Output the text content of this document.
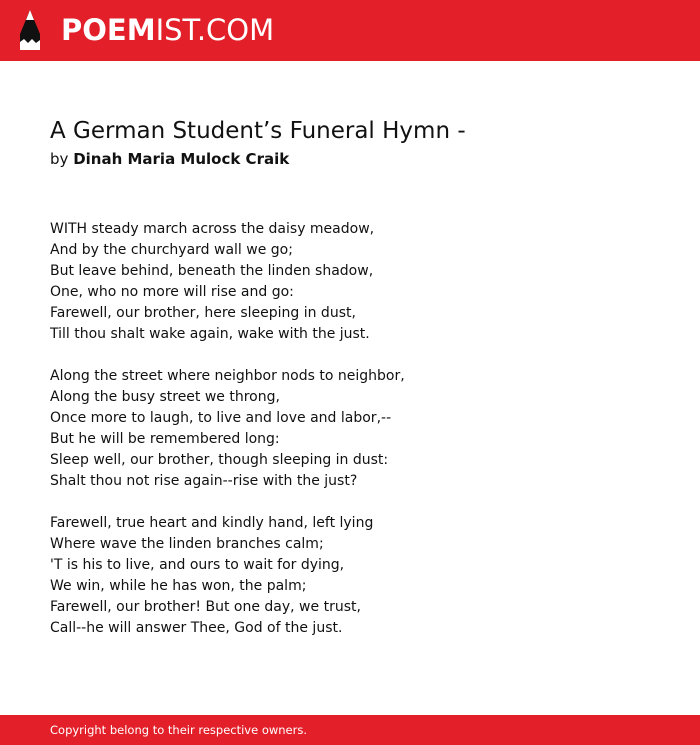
POEMIST.COM
A German Student’s Funeral Hymn -
by Dinah Maria Mulock Craik
WITH steady march across the daisy meadow,
And by the churchyard wall we go;
But leave behind, beneath the linden shadow,
One, who no more will rise and go:
Farewell, our brother, here sleeping in dust,
Till thou shalt wake again, wake with the just.
Along the street where neighbor nods to neighbor,
Along the busy street we throng,
Once more to laugh, to live and love and labor,--
But he will be remembered long:
Sleep well, our brother, though sleeping in dust:
Shalt thou not rise again--rise with the just?
Farewell, true heart and kindly hand, left lying
Where wave the linden branches calm;
'T is his to live, and ours to wait for dying,
We win, while he has won, the palm;
Farewell, our brother! But one day, we trust,
Call--he will answer Thee, God of the just.
Copyright belong to their respective owners.
